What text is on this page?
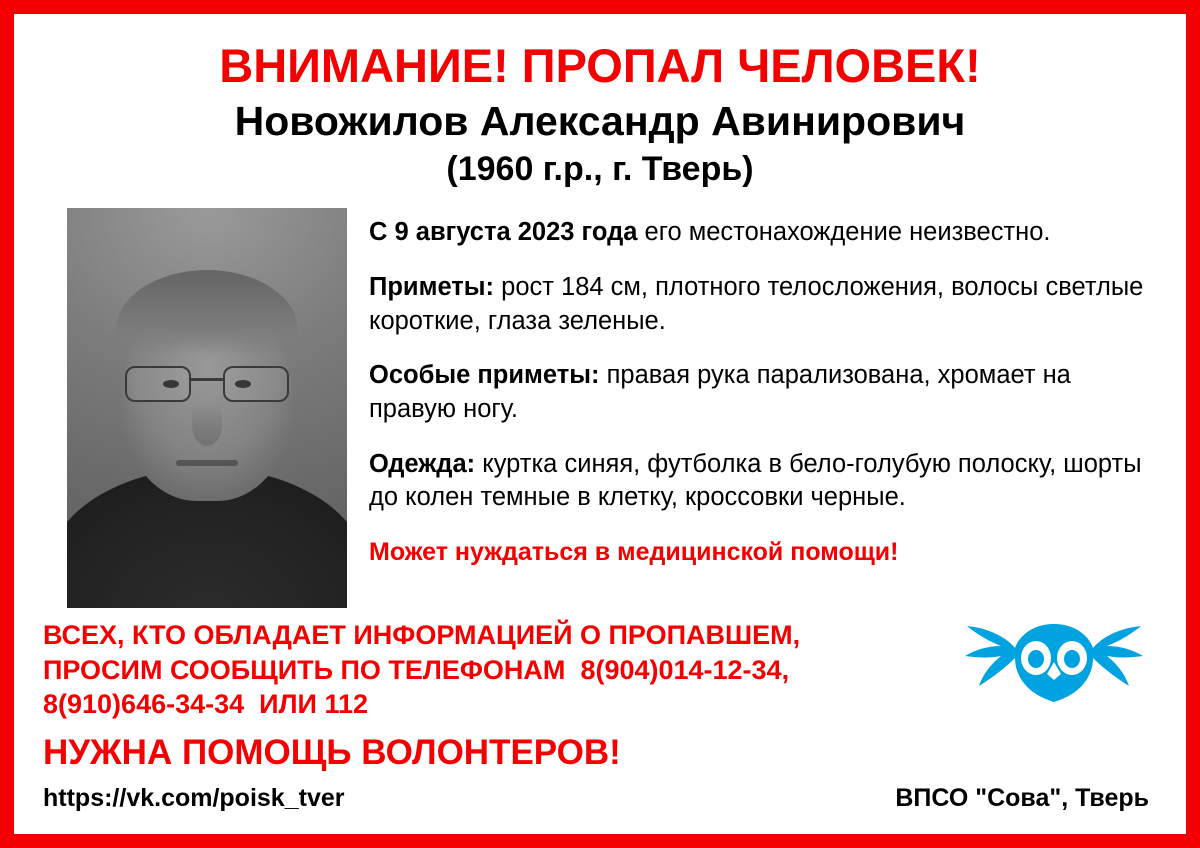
ВНИМАНИЕ! ПРОПАЛ ЧЕЛОВЕК!
Новожилов Александр Авинирович
(1960 г.р., г. Тверь)

С 9 августа 2023 года его местонахождение неизвестно.

Приметы: рост 184 см, плотного телосложения, волосы светлые короткие, глаза зеленые.

Особые приметы: правая рука парализована, хромает на правую ногу.

Одежда: куртка синяя, футболка в бело-голубую полоску, шорты до колен темные в клетку, кроссовки черные.

Может нуждаться в медицинской помощи!

ВСЕХ, КТО ОБЛАДАЕТ ИНФОРМАЦИЕЙ О ПРОПАВШЕМ,
ПРОСИМ СООБЩИТЬ ПО ТЕЛЕФОНАМ 8(904)014-12-34,
8(910)646-34-34 ИЛИ 112
НУЖНА ПОМОЩЬ ВОЛОНТЕРОВ!
https://vk.com/poisk_tver	ВПСО "Сова", Тверь
